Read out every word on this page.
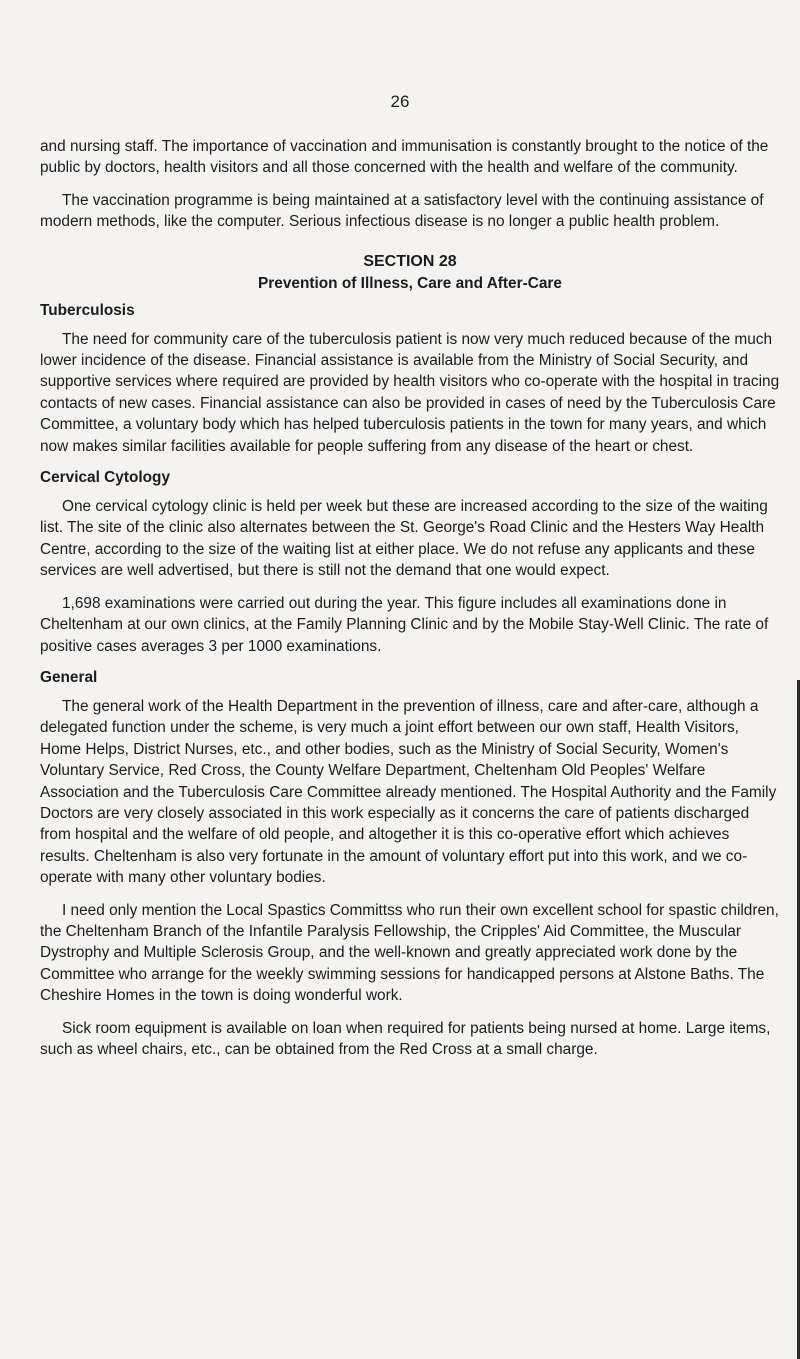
26

and nursing staff. The importance of vaccination and immunisation is constantly brought to the notice of the public by doctors, health visitors and all those concerned with the health and welfare of the community.

The vaccination programme is being maintained at a satisfactory level with the continuing assistance of modern methods, like the computer. Serious infectious disease is no longer a public health problem.

SECTION 28
Prevention of Illness, Care and After-Care
Tuberculosis

The need for community care of the tuberculosis patient is now very much reduced because of the much lower incidence of the disease. Financial assistance is available from the Ministry of Social Security, and supportive services where required are provided by health visitors who co-operate with the hospital in tracing contacts of new cases. Financial assistance can also be provided in cases of need by the Tuberculosis Care Committee, a voluntary body which has helped tuberculosis patients in the town for many years, and which now makes similar facilities available for people suffering from any disease of the heart or chest.

Cervical Cytology

One cervical cytology clinic is held per week but these are increased according to the size of the waiting list. The site of the clinic also alternates between the St. George's Road Clinic and the Hesters Way Health Centre, according to the size of the waiting list at either place. We do not refuse any applicants and these services are well advertised, but there is still not the demand that one would expect.

1,698 examinations were carried out during the year. This figure includes all examinations done in Cheltenham at our own clinics, at the Family Planning Clinic and by the Mobile Stay-Well Clinic. The rate of positive cases averages 3 per 1000 examinations.

General

The general work of the Health Department in the prevention of illness, care and after-care, although a delegated function under the scheme, is very much a joint effort between our own staff, Health Visitors, Home Helps, District Nurses, etc., and other bodies, such as the Ministry of Social Security, Women's Voluntary Service, Red Cross, the County Welfare Department, Cheltenham Old Peoples' Welfare Association and the Tuberculosis Care Committee already mentioned. The Hospital Authority and the Family Doctors are very closely associated in this work especially as it concerns the care of patients discharged from hospital and the welfare of old people, and altogether it is this co-operative effort which achieves results. Cheltenham is also very fortunate in the amount of voluntary effort put into this work, and we co-operate with many other voluntary bodies.

I need only mention the Local Spastics Committss who run their own excellent school for spastic children, the Cheltenham Branch of the Infantile Paralysis Fellowship, the Cripples' Aid Committee, the Muscular Dystrophy and Multiple Sclerosis Group, and the well-known and greatly appreciated work done by the Committee who arrange for the weekly swimming sessions for handicapped persons at Alstone Baths. The Cheshire Homes in the town is doing wonderful work.

Sick room equipment is available on loan when required for patients being nursed at home. Large items, such as wheel chairs, etc., can be obtained from the Red Cross at a small charge.
